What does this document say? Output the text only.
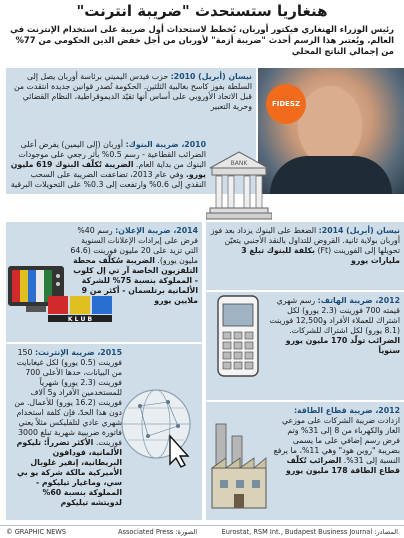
هنغاريا ستستحدث "ضريبة انترنت"
رئيس الوزراء الهنغاري فيكتور أوربان، يُخطط لاستحداث أول ضريبة على استخدام الإنترنت في العالم. ويُعتبر هذا الرسم أحدث "ضريبة أزمة" لأوربان من أجل خفض الدين الحكومي من 77% من إجمالي الناتج المحلي
نيسان (أبريل) 2010: حزب فيدس اليميني برئاسة أوربان يصل إلى السلطة بفوز كاسح بغالبية الثلثين. الحكومة تُصدر قوانين جديدة انتقدت من قبل الاتحاد الأوروبي على أساس أنها تقيّد الديموقراطية، النظام القضائي وحرية التعبير	FIDESZ
2010، ضريبة البنوك: أوربان (إلى اليمين) يفرض أعلى الضرائب القطاعية - رسم 0.5% بأثر رجعي على موجودات البنوك من بداية العام. الضريبة تُكلّف البنوك 619 مليون يورو. وفي عام 2013، تضاعفت الضريبة على السحب النقدي إلى 0.6% وارتفعت إلى 0.3% على التحويلات البرقية
BANK
2014، ضريبة الإعلان: رسم 40% فرض على إيرادات الإعلانات السنوية التي تزيد على 20 مليون فورينت (64.6 مليون يورو). الضريبة سُكلّف محطة التلفزيون الخاصة آر تي إل كلوب - المملوكة بنسبة 75% للشركة الألمانية برتلسمان - أكثر من 9 ملايين يورو
K L U B
نيسان (أبريل) 2014: الضغط على البنوك يزداد بعد فوز أوربان بولاية ثانية. القروض للتداول بالنقد الأجنبي يتعيّن تحويلها إلى الفورينت (Ft) بكلفة للبنوك تبلغ 3 مليارات يورو
2015، ضريبة الإنترنت: 150 فورينت (0.5 يورو) لكل غيغابايت من البيانات، حدها الأعلى 700 فورينت (2.3 يورو) شهرياً للمستخدمين الأفراد و5 آلاف فورينت (16.2 يورو) للأعمال. من دون هذا الحدّ، فإن كلفة استخدام شهري عادي لتلفليكس مثلاً يعني فاتورة ضريبية شهرية تبلغ 3000 فورينت. الأكثر تضرراً: تليكوم الألمانية، فودافون البريطانية، إنفير غلوبال الأميركية مالكة شركة يو بي سي، وماغيار تيليكوم - المملوكة بنسبة 60% لدويتشه تيليكوم
2012، ضريبة الهاتف: رسم شهري قيمته 700 فورينت (2.3 يورو) لكل اشتراك للعملاء الأفراد و12,500 فورينت (8.1 يورو) لكل اشتراك للشركات. الضرائب تولّد 170 مليون يورو سنوياً
2012، ضريبة قطاع الطاقة: ازدادت ضريبة الشركات على موزعي الغاز والكهرباء من 8 إلى 31% وتم فرض رسم إضافي على ما يسمى بضريبة "روبن هود" وهي 11%، ما يرفع النسبة إلى 31%. الضرائب تُكلّف قطاع الطاقة 178 مليون يورو
© GRAPHIC NEWS	Associated Press :الصورة	المصادر: Eurostat, RSM Int., Budapest Business Journal
